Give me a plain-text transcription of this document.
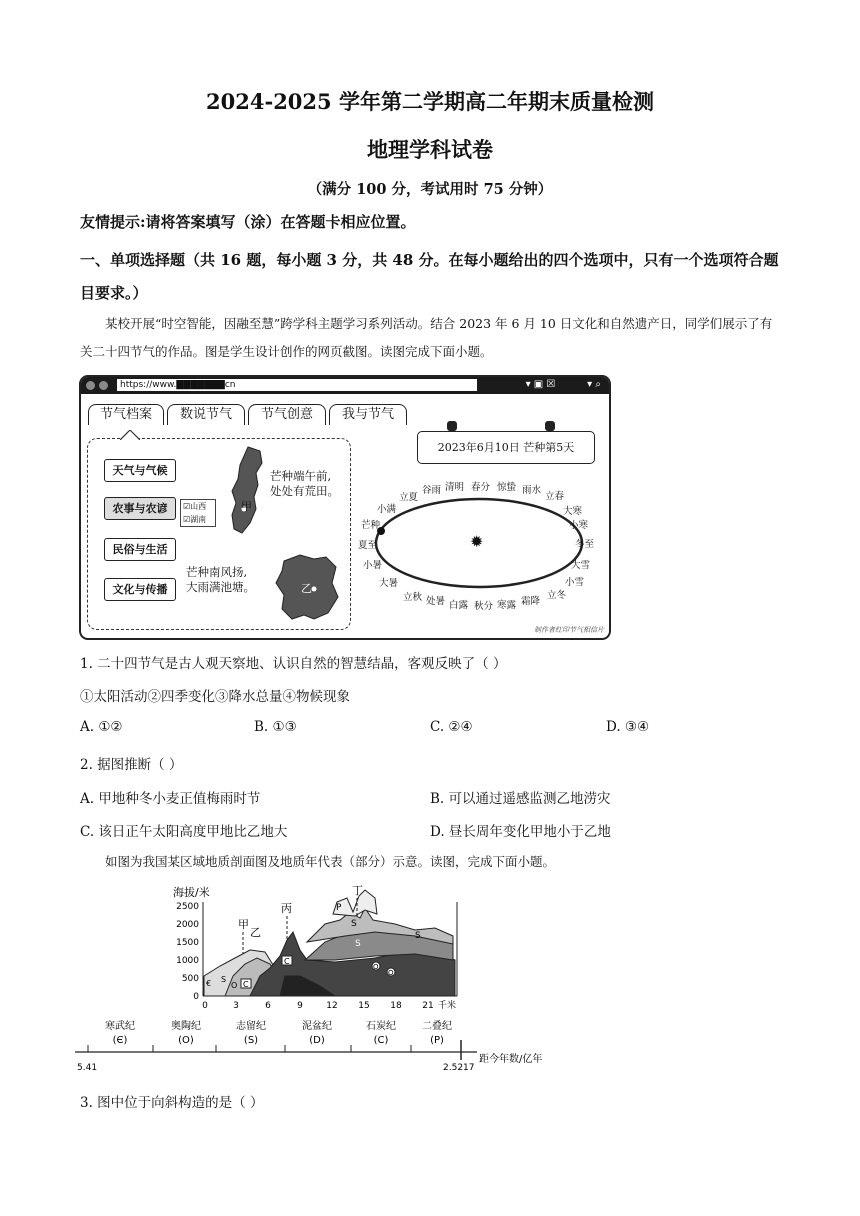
2024-2025 学年第二学期高二年期末质量检测
地理学科试卷
（满分 100 分，考试用时 75 分钟）
友情提示:请将答案填写（涂）在答题卡相应位置。
一、单项选择题（共 16 题，每小题 3 分，共 48 分。在每小题给出的四个选项中，只有一个选项符合题目要求。）
某校开展“时空智能，因融至慧”跨学科主题学习系列活动。结合 2023 年 6 月 10 日文化和自然遗产日，同学们展示了有关二十四节气的作品。图是学生设计创作的网页截图。读图完成下面小题。
https://www.▇▇▇▇▇▇▇cn	▾ ▣ ☒          ▾ ⌕
节气档案	数说节气	节气创意	我与节气
天气与气候
农事与农谚
民俗与生活
文化与传播
☑山西
☑湖南
甲
芒种端午前,
处处有荒田。
乙
芒种南风扬,
大雨满池塘。
2023年6月10日 芒种第5天
✹
立夏
谷雨 清明 春分 惊蛰 雨水
立春
大寒
小寒
冬至
大雪
小雪
立冬
霜降
寒露
秋分
白露
处暑
立秋
大暑
小暑
夏至
芒种
小满
制作者红印节气相信片
1. 二十四节气是古人观天察地、认识自然的智慧结晶，客观反映了（ ）
①太阳活动②四季变化③降水总量④物候现象
A. ①②	B. ①③	C. ②④	D. ③④
2. 据图推断（ ）
A. 甲地种冬小麦正值梅雨时节	B. 可以通过遥感监测乙地涝灾
C. 该日正午太阳高度甲地比乙地大	D. 昼长周年变化甲地小于乙地
如图为我国某区域地质剖面图及地质年代表（部分）示意。读图，完成下面小题。
海拔/米
2500
2000
1500
1000
500
0
0	3	6	9	12 15 18 21 千米
P
S
S
S
O
O
C
C
S
O
€
甲
乙
丙
丁
寒武纪
(Є)
奥陶纪
(O)
志留纪
(S)
泥盆纪
(D)
石炭纪
(C)
二叠纪
(P)
5.41	2.5217
距今年数/亿年
3. 图中位于向斜构造的是（ ）
